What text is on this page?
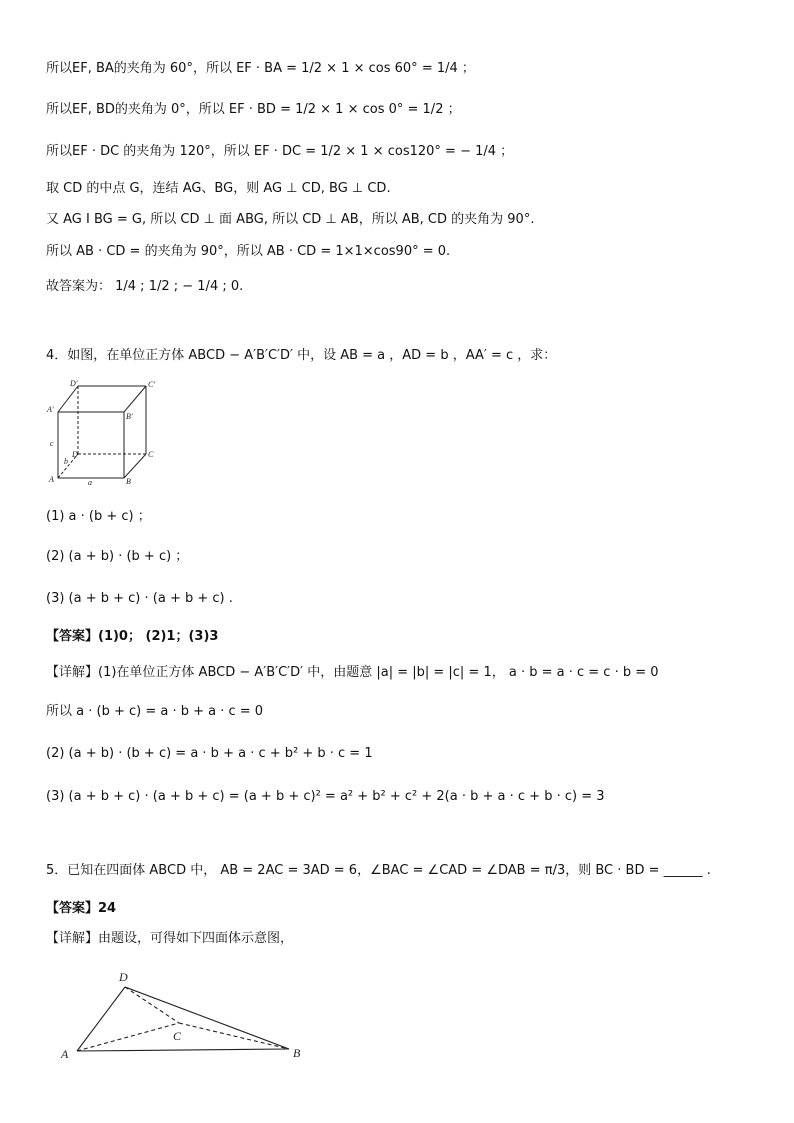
所以EF, BA的夹角为 60°，所以 EF · BA = 1/2 × 1 × cos 60° = 1/4 ；
所以EF, BD的夹角为 0°，所以 EF · BD = 1/2 × 1 × cos 0° = 1/2 ；
所以EF · DC 的夹角为 120°，所以 EF · DC = 1/2 × 1 × cos120° = − 1/4 ；
取 CD 的中点 G，连结 AG、BG，则 AG ⊥ CD, BG ⊥ CD.
又 AG I BG = G, 所以 CD ⊥ 面 ABG, 所以 CD ⊥ AB，所以 AB, CD 的夹角为 90°.
所以 AB · CD = 的夹角为 90°，所以 AB · CD = 1×1×cos90° = 0.
故答案为： 1/4 ; 1/2 ; − 1/4 ; 0.
4．如图，在单位正方体 ABCD − A′B′C′D′ 中，设 AB = a ，AD = b ，AA′ = c ，求：
D′	C′
A′
B′
D	C
A	B
c
b
a
(1) a · (b + c) ；
(2) (a + b) · (b + c) ；
(3) (a + b + c) · (a + b + c) .
【答案】(1)0； (2)1；(3)3
【详解】(1)在单位正方体 ABCD − A′B′C′D′ 中，由题意 |a| = |b| = |c| = 1， a · b = a · c = c · b = 0
所以 a · (b + c) = a · b + a · c = 0
(2) (a + b) · (b + c) = a · b + a · c + b² + b · c = 1
(3) (a + b + c) · (a + b + c) = (a + b + c)² = a² + b² + c² + 2(a · b + a · c + b · c) = 3
5．已知在四面体 ABCD 中， AB = 2AC = 3AD = 6，∠BAC = ∠CAD = ∠DAB = π/3，则 BC · BD = ______ .
【答案】24
【详解】由题设，可得如下四面体示意图，
D
A
C
B
